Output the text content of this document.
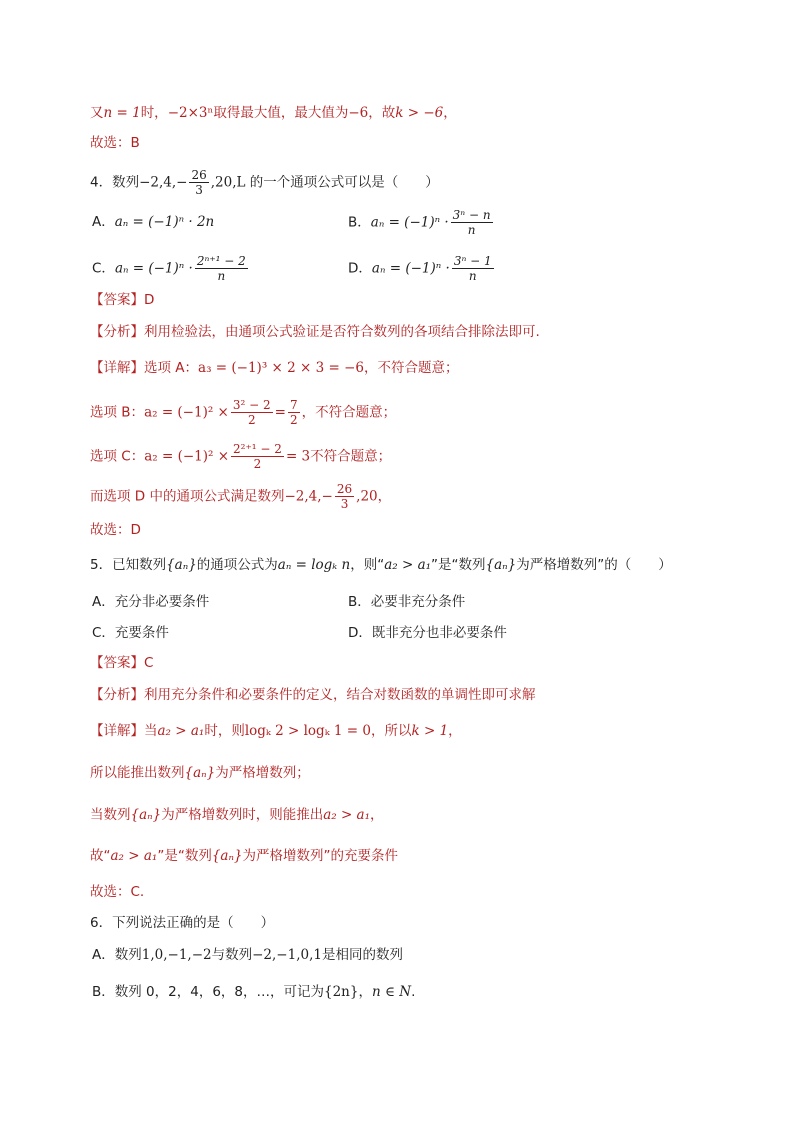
又n = 1时，−2×3ⁿ取得最大值，最大值为−6，故k > −6，
故选：B
4．数列$-2,4,- \frac{26}{3} ,20,L$ 的一个通项公式可以是（　　）
A．aₙ = (−1)ⁿ · 2n	B．$a_n = (-1)^n \cdot \frac{\text{3ⁿ − n}}{n}$
C．$a_n = (-1)^n \cdot \frac{\text{2ⁿ⁺¹ − 2}}{n}$	D．$a_n = (-1)^n \cdot \frac{\text{3ⁿ − 1}}{n}$
【答案】D
【分析】利用检验法，由通项公式验证是否符合数列的各项结合排除法即可.
【详解】选项 A：a₃ = (−1)³ × 2 × 3 = −6，不符合题意；
选项 B：$a_2 = (-1)^2 \times \frac{\text{3² − 2}}{2} = \frac{7}{2}$ ，不符合题意；
选项 C：$a_2 = (-1)^2 \times \frac{\text{2²⁺¹ − 2}}{2} = 3$不符合题意；
而选项 D 中的通项公式满足数列$-2,4,- \frac{26}{3} ,20$，
故选：D
5．已知数列{aₙ}的通项公式为aₙ = logₖ n，则“a₂ > a₁”是“数列{aₙ}为严格增数列”的（　　）
A．充分非必要条件	B．必要非充分条件
C．充要条件	D．既非充分也非必要条件
【答案】C
【分析】利用充分条件和必要条件的定义，结合对数函数的单调性即可求解
【详解】当a₂ > a₁时，则logₖ 2 > logₖ 1 = 0，所以k > 1，
所以能推出数列{aₙ}为严格增数列；
当数列{aₙ}为严格增数列时，则能推出a₂ > a₁，
故“a₂ > a₁”是“数列{aₙ}为严格增数列”的充要条件
故选：C.
6．下列说法正确的是（　　）
A．数列1,0,−1,−2与数列−2,−1,0,1是相同的数列
B．数列 0，2，4，6，8，…，可记为{2n}，n ∈ N.
